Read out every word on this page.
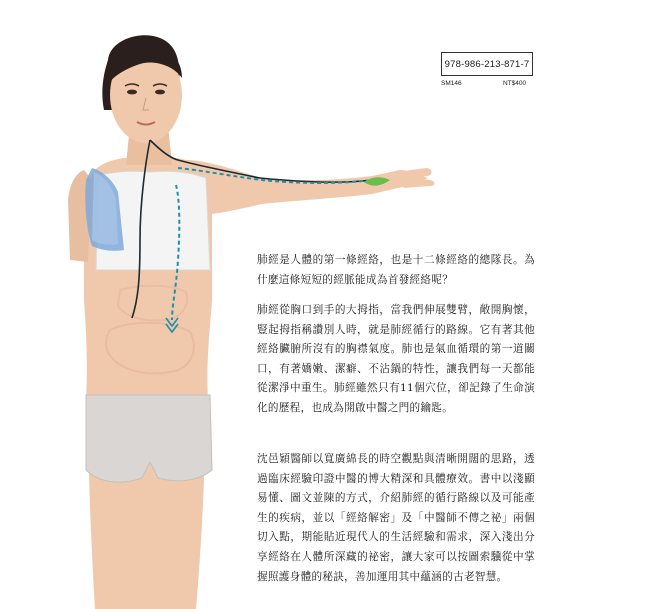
978-986-213-871-7
SM146	NT$400
肺經是人體的第一條經絡，也是十二條經絡的總隊長。為什麼這條短短的經脈能成為首發經絡呢？
肺經從胸口到手的大拇指，當我們伸展雙臂，敞開胸懷，豎起拇指稱讚別人時，就是肺經循行的路線。它有著其他經絡臟腑所沒有的胸襟氣度。肺也是氣血循環的第一道關口，有著嬌嫩、潔癖、不沾鍋的特性，讓我們每一天都能從潔淨中重生。肺經雖然只有11個穴位，卻記錄了生命演化的歷程，也成為開啟中醫之門的鑰匙。
沈邑穎醫師以寬廣綿長的時空觀點與清晰開闊的思路，透過臨床經驗印證中醫的博大精深和具體療效。書中以淺顯易懂、圖文並陳的方式，介紹肺經的循行路線以及可能產生的疾病，並以「經絡解密」及「中醫師不傳之祕」兩個切入點，期能貼近現代人的生活經驗和需求，深入淺出分享經絡在人體所深藏的祕密，讓大家可以按圖索驥從中掌握照護身體的秘訣，善加運用其中蘊涵的古老智慧。
